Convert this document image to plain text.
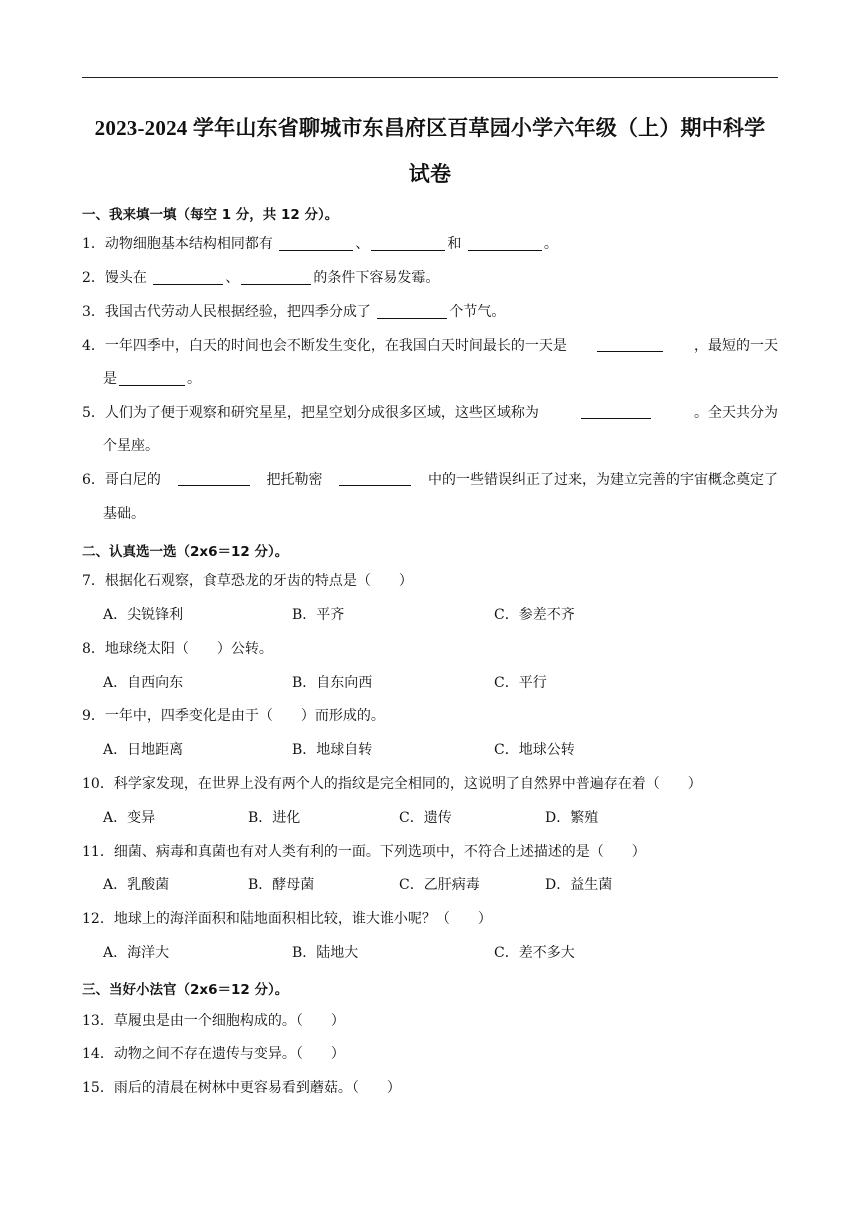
2023-2024 学年山东省聊城市东昌府区百草园小学六年级（上）期中科学
试卷
一、我来填一填（每空 1 分，共 12 分）。
1．动物细胞基本结构相同都有	、	和	。
2．馒头在	、	的条件下容易发霉。
3．我国古代劳动人民根据经验，把四季分成了	个节气。
4．一年四季中，白天的时间也会不断发生变化，在我国白天时间最长的一天是	，最短的一天
是	。
5．人们为了便于观察和研究星星，把星空划分成很多区域，这些区域称为	。全天共分为
个星座。
6．哥白尼的	把托勒密	中的一些错误纠正了过来，为建立完善的宇宙概念奠定了
基础。
二、认真选一选（2x6＝12 分）。
7．根据化石观察，食草恐龙的牙齿的特点是（　　）
A．尖锐锋利	B．平齐	C．参差不齐
8．地球绕太阳（　　）公转。
A．自西向东	B．自东向西	C．平行
9．一年中，四季变化是由于（　　）而形成的。
A．日地距离	B．地球自转	C．地球公转
10．科学家发现，在世界上没有两个人的指纹是完全相同的，这说明了自然界中普遍存在着（　　）
A．变异	B．进化	C．遗传	D．繁殖
11．细菌、病毒和真菌也有对人类有利的一面。下列选项中，不符合上述描述的是（　　）
A．乳酸菌	B．酵母菌	C．乙肝病毒	D．益生菌
12．地球上的海洋面积和陆地面积相比较，谁大谁小呢？（　　）
A．海洋大	B．陆地大	C．差不多大
三、当好小法官（2x6＝12 分）。
13．草履虫是由一个细胞构成的。（　　）
14．动物之间不存在遗传与变异。（　　）
15．雨后的清晨在树林中更容易看到蘑菇。（　　）
